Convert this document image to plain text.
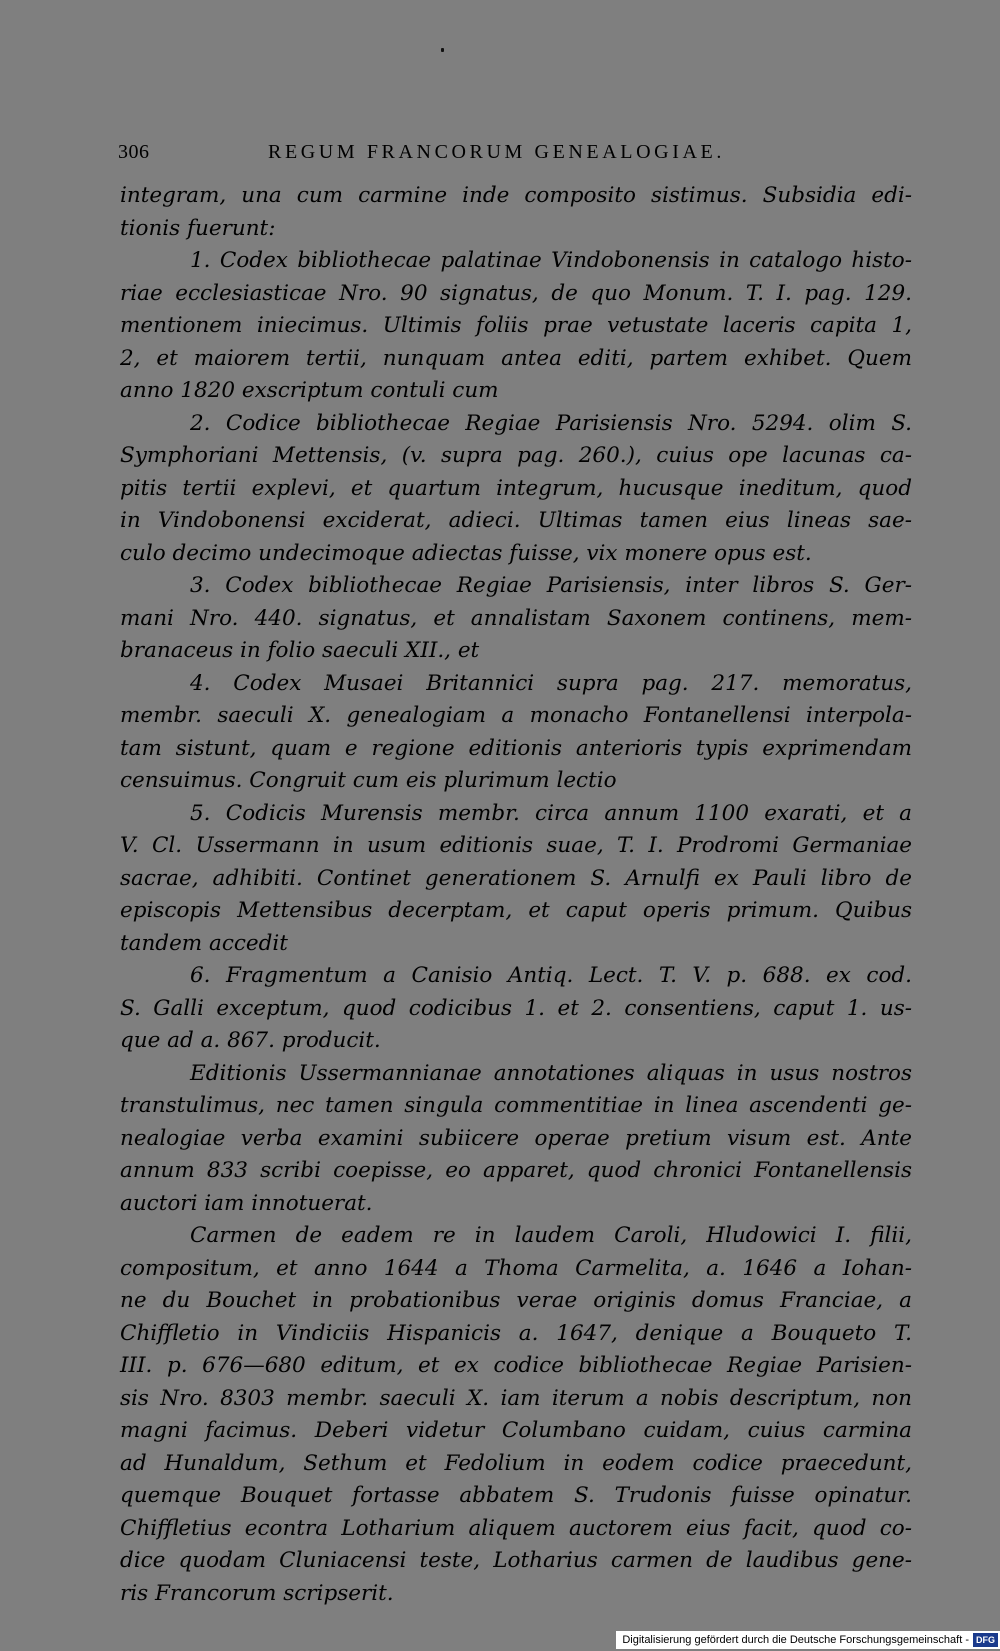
306	REGUM FRANCORUM GENEALOGIAE.
integram, una cum carmine inde composito sistimus. Subsidia edi-
tionis fuerunt:
1. Codex bibliothecae palatinae Vindobonensis in catalogo histo-
riae ecclesiasticae Nro. 90 signatus, de quo Monum. T. I. pag. 129.
mentionem iniecimus. Ultimis foliis prae vetustate laceris capita 1,
2, et maiorem tertii, nunquam antea editi, partem exhibet. Quem
anno 1820 exscriptum contuli cum
2. Codice bibliothecae Regiae Parisiensis Nro. 5294. olim S.
Symphoriani Mettensis, (v. supra pag. 260.), cuius ope lacunas ca-
pitis tertii explevi, et quartum integrum, hucusque ineditum, quod
in Vindobonensi exciderat, adieci. Ultimas tamen eius lineas sae-
culo decimo undecimoque adiectas fuisse, vix monere opus est.
3. Codex bibliothecae Regiae Parisiensis, inter libros S. Ger-
mani Nro. 440. signatus, et annalistam Saxonem continens, mem-
branaceus in folio saeculi XII., et
4. Codex Musaei Britannici supra pag. 217. memoratus,
membr. saeculi X. genealogiam a monacho Fontanellensi interpola-
tam sistunt, quam e regione editionis anterioris typis exprimendam
censuimus. Congruit cum eis plurimum lectio
5. Codicis Murensis membr. circa annum 1100 exarati, et a
V. Cl. Ussermann in usum editionis suae, T. I. Prodromi Germaniae
sacrae, adhibiti. Continet generationem S. Arnulfi ex Pauli libro de
episcopis Mettensibus decerptam, et caput operis primum. Quibus
tandem accedit
6. Fragmentum a Canisio Antiq. Lect. T. V. p. 688. ex cod.
S. Galli exceptum, quod codicibus 1. et 2. consentiens, caput 1. us-
que ad a. 867. producit.
Editionis Ussermannianae annotationes aliquas in usus nostros
transtulimus, nec tamen singula commentitiae in linea ascendenti ge-
nealogiae verba examini subiicere operae pretium visum est. Ante
annum 833 scribi coepisse, eo apparet, quod chronici Fontanellensis
auctori iam innotuerat.
Carmen de eadem re in laudem Caroli, Hludowici I. filii,
compositum, et anno 1644 a Thoma Carmelita, a. 1646 a Iohan-
ne du Bouchet in probationibus verae originis domus Franciae, a
Chiffletio in Vindiciis Hispanicis a. 1647, denique a Bouqueto T.
III. p. 676—680 editum, et ex codice bibliothecae Regiae Parisien-
sis Nro. 8303 membr. saeculi X. iam iterum a nobis descriptum, non
magni facimus. Deberi videtur Columbano cuidam, cuius carmina
ad Hunaldum, Sethum et Fedolium in eodem codice praecedunt,
quemque Bouquet fortasse abbatem S. Trudonis fuisse opinatur.
Chiffletius econtra Lotharium aliquem auctorem eius facit, quod co-
dice quodam Cluniacensi teste, Lotharius carmen de laudibus gene-
ris Francorum scripserit.
Digitalisierung gefördert durch die Deutsche Forschungsgemeinschaft - DFG
